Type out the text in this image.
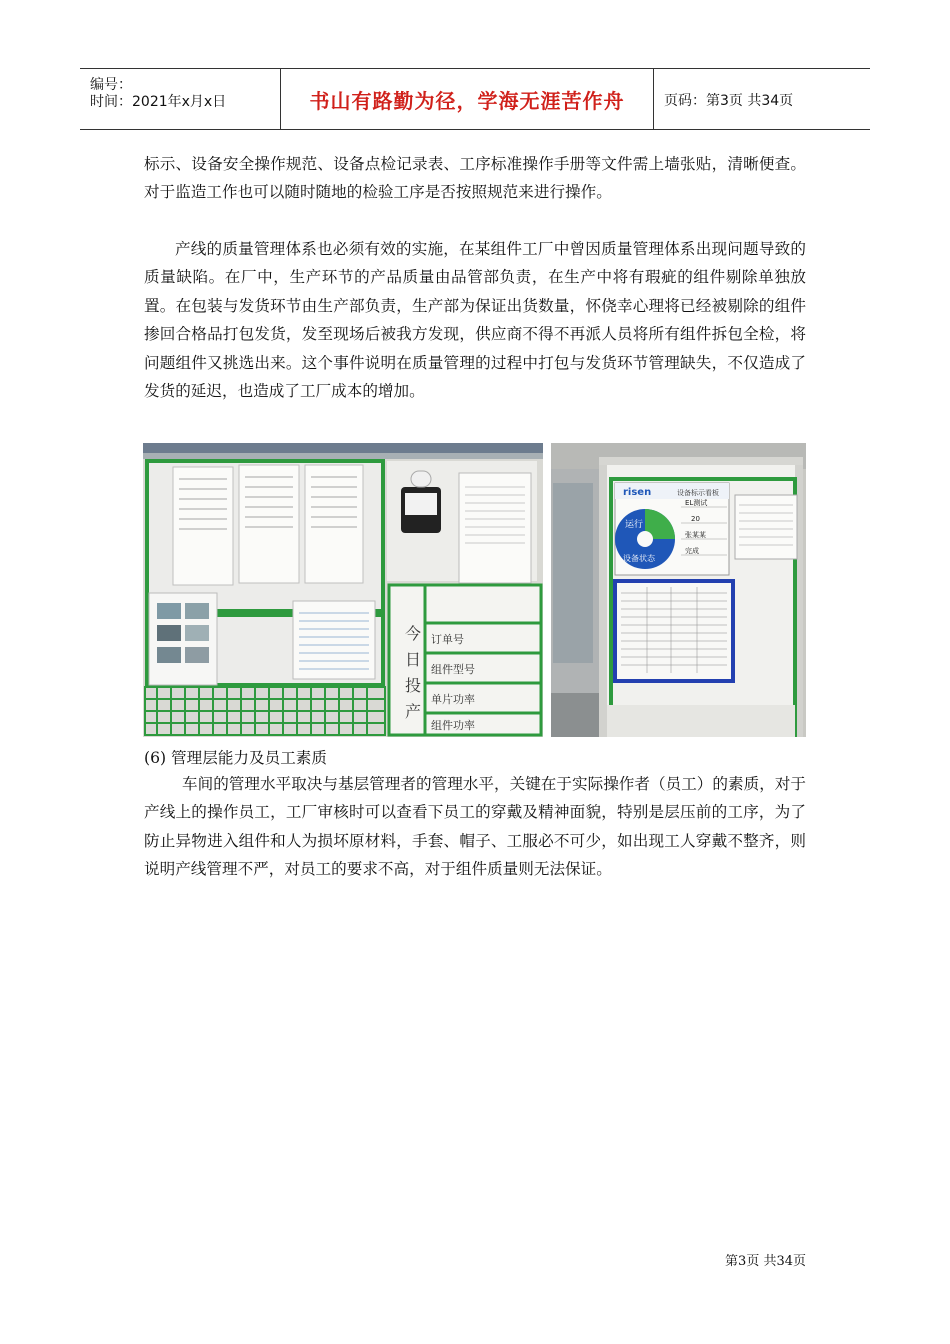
编号：
时间：2021年x月x日	书山有路勤为径，学海无涯苦作舟	页码：第3页 共34页

标示、设备安全操作规范、设备点检记录表、工序标准操作手册等文件需上墙张贴，清晰便查。对于监造工作也可以随时随地的检验工序是否按照规范来进行操作。

产线的质量管理体系也必须有效的实施，在某组件工厂中曾因质量管理体系出现问题导致的质量缺陷。在厂中，生产环节的产品质量由品管部负责，在生产中将有瑕疵的组件剔除单独放置。在包装与发货环节由生产部负责，生产部为保证出货数量，怀侥幸心理将已经被剔除的组件掺回合格品打包发货，发至现场后被我方发现，供应商不得不再派人员将所有组件拆包全检，将问题组件又挑选出来。这个事件说明在质量管理的过程中打包与发货环节管理缺失，不仅造成了发货的延迟，也造成了工厂成本的增加。

今
日
投
产
订单号
组件型号
单片功率
组件功率
risen	设备标示看板
运行
设备状态
EL测试
20
张某某
完成

(6) 管理层能力及员工素质

车间的管理水平取决与基层管理者的管理水平，关键在于实际操作者（员工）的素质，对于产线上的操作员工，工厂审核时可以查看下员工的穿戴及精神面貌，特别是层压前的工序，为了防止异物进入组件和人为损坏原材料，手套、帽子、工服必不可少，如出现工人穿戴不整齐，则说明产线管理不严，对员工的要求不高，对于组件质量则无法保证。

第3页 共34页
